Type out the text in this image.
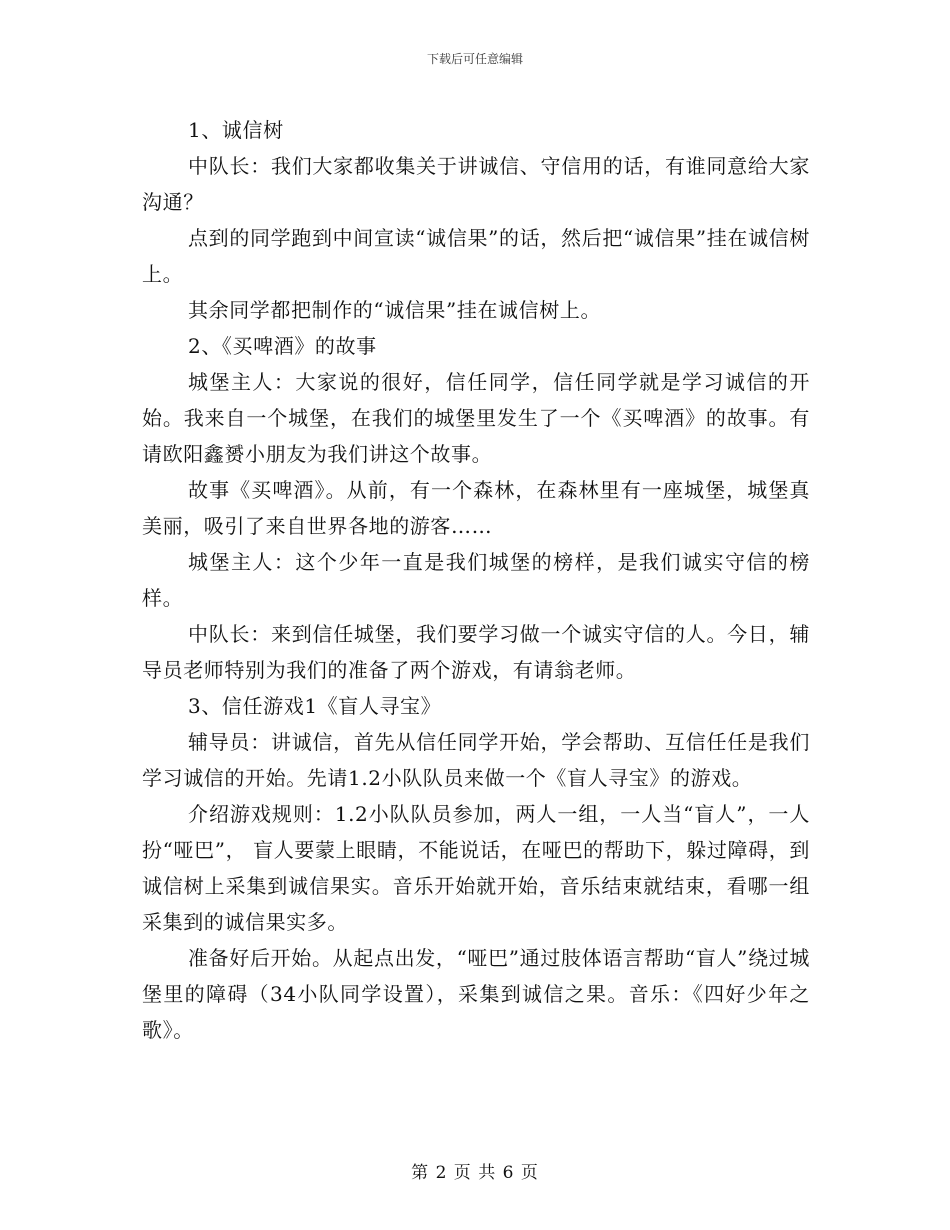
下载后可任意编辑

1、诚信树

中队长：我们大家都收集关于讲诚信、守信用的话，有谁同意给大家沟通？

点到的同学跑到中间宣读“诚信果”的话，然后把“诚信果”挂在诚信树上。

其余同学都把制作的“诚信果”挂在诚信树上。

2、《买啤酒》的故事

城堡主人：大家说的很好，信任同学，信任同学就是学习诚信的开始。我来自一个城堡，在我们的城堡里发生了一个《买啤酒》的故事。有请欧阳鑫赟小朋友为我们讲这个故事。

故事《买啤酒》。从前，有一个森林，在森林里有一座城堡，城堡真美丽，吸引了来自世界各地的游客……

城堡主人：这个少年一直是我们城堡的榜样，是我们诚实守信的榜样。

中队长：来到信任城堡，我们要学习做一个诚实守信的人。今日，辅导员老师特别为我们的准备了两个游戏，有请翁老师。

3、信任游戏1《盲人寻宝》

辅导员：讲诚信，首先从信任同学开始，学会帮助、互信任任是我们学习诚信的开始。先请1.2小队队员来做一个《盲人寻宝》的游戏。

介绍游戏规则：1.2小队队员参加，两人一组，一人当“盲人”，一人扮“哑巴”， 盲人要蒙上眼睛，不能说话，在哑巴的帮助下，躲过障碍，到诚信树上采集到诚信果实。音乐开始就开始，音乐结束就结束，看哪一组采集到的诚信果实多。

准备好后开始。从起点出发，“哑巴”通过肢体语言帮助“盲人”绕过城堡里的障碍（34小队同学设置），采集到诚信之果。音乐：《四好少年之歌》。

第 2 页 共 6 页
